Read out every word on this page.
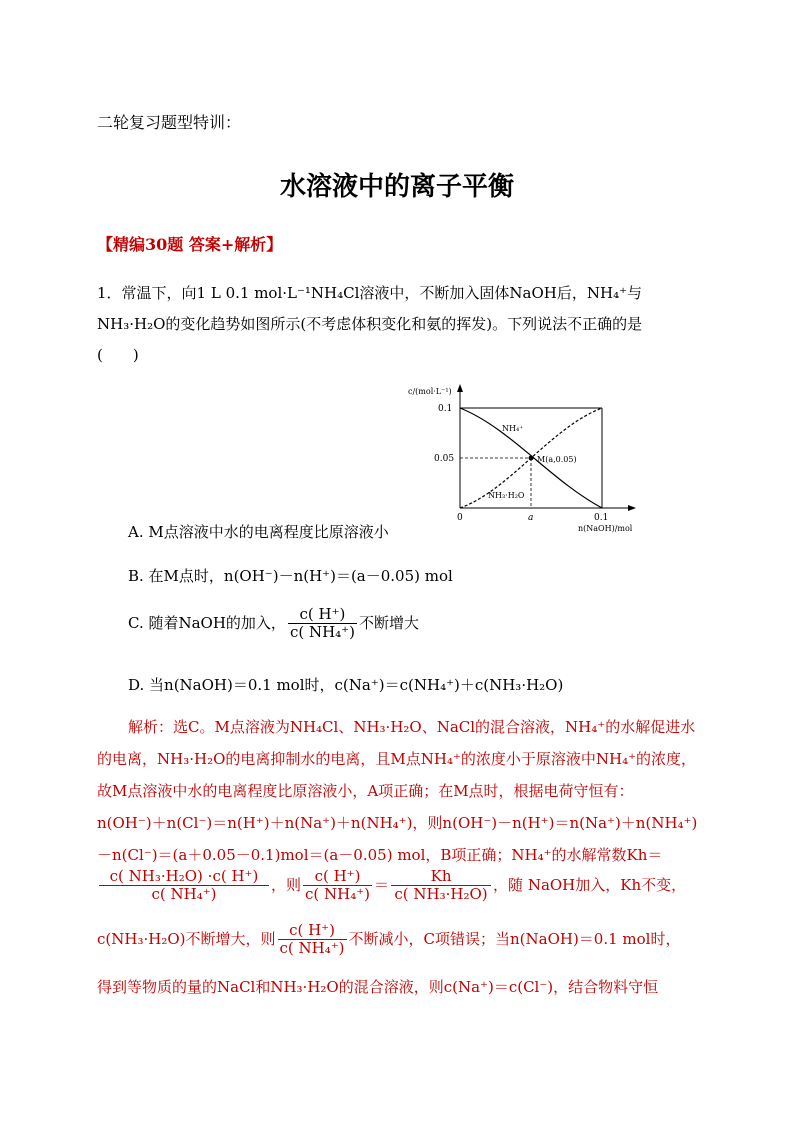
二轮复习题型特训：
水溶液中的离子平衡
【精编30题 答案+解析】
1．常温下，向1 L 0.1 mol·L⁻¹NH₄Cl溶液中，不断加入固体NaOH后，NH₄⁺与
NH₃·H₂O的变化趋势如图所示(不考虑体积变化和氨的挥发)。下列说法不正确的是
(　　)
c/(mol·L⁻¹)
0.1
0.05
0	a	0.1
n(NaOH)/mol
NH₄⁺
NH₃·H₂O
M(a,0.05)
A. M点溶液中水的电离程度比原溶液小
B. 在M点时，n(OH⁻)－n(H⁺)＝(a－0.05) mol
C. 随着NaOH的加入， $\frac{c( H^+)}{\text{c( NH₄⁺)}}$ 不断增大
D. 当n(NaOH)＝0.1 mol时，c(Na⁺)＝c(NH₄⁺)＋c(NH₃·H₂O)
解析：选C。M点溶液为NH₄Cl、NH₃·H₂O、NaCl的混合溶液，NH₄⁺的水解促进水
的电离，NH₃·H₂O的电离抑制水的电离，且M点NH₄⁺的浓度小于原溶液中NH₄⁺的浓度，
故M点溶液中水的电离程度比原溶液小，A项正确；在M点时，根据电荷守恒有：
n(OH⁻)＋n(Cl⁻)＝n(H⁺)＋n(Na⁺)＋n(NH₄⁺)，则n(OH⁻)－n(H⁺)＝n(Na⁺)＋n(NH₄⁺)
－n(Cl⁻)＝(a＋0.05－0.1)mol＝(a－0.05) mol，B项正确；NH₄⁺的水解常数Kh＝
$\frac{\text{c( NH₃·H₂O) ·c( H⁺)}}{\text{c( NH₄⁺)}}$ ，则 $\frac{c( H^+)}{\text{c( NH₄⁺)}} = \frac{Kh}{\text{c( NH₃·H₂O)}}$ ，随 NaOH加入，Kh不变，
c(NH₃·H₂O)不断增大，则 $\frac{c( H^+)}{\text{c( NH₄⁺)}}$ 不断减小，C项错误；当n(NaOH)＝0.1 mol时，
得到等物质的量的NaCl和NH₃·H₂O的混合溶液，则c(Na⁺)＝c(Cl⁻)，结合物料守恒
